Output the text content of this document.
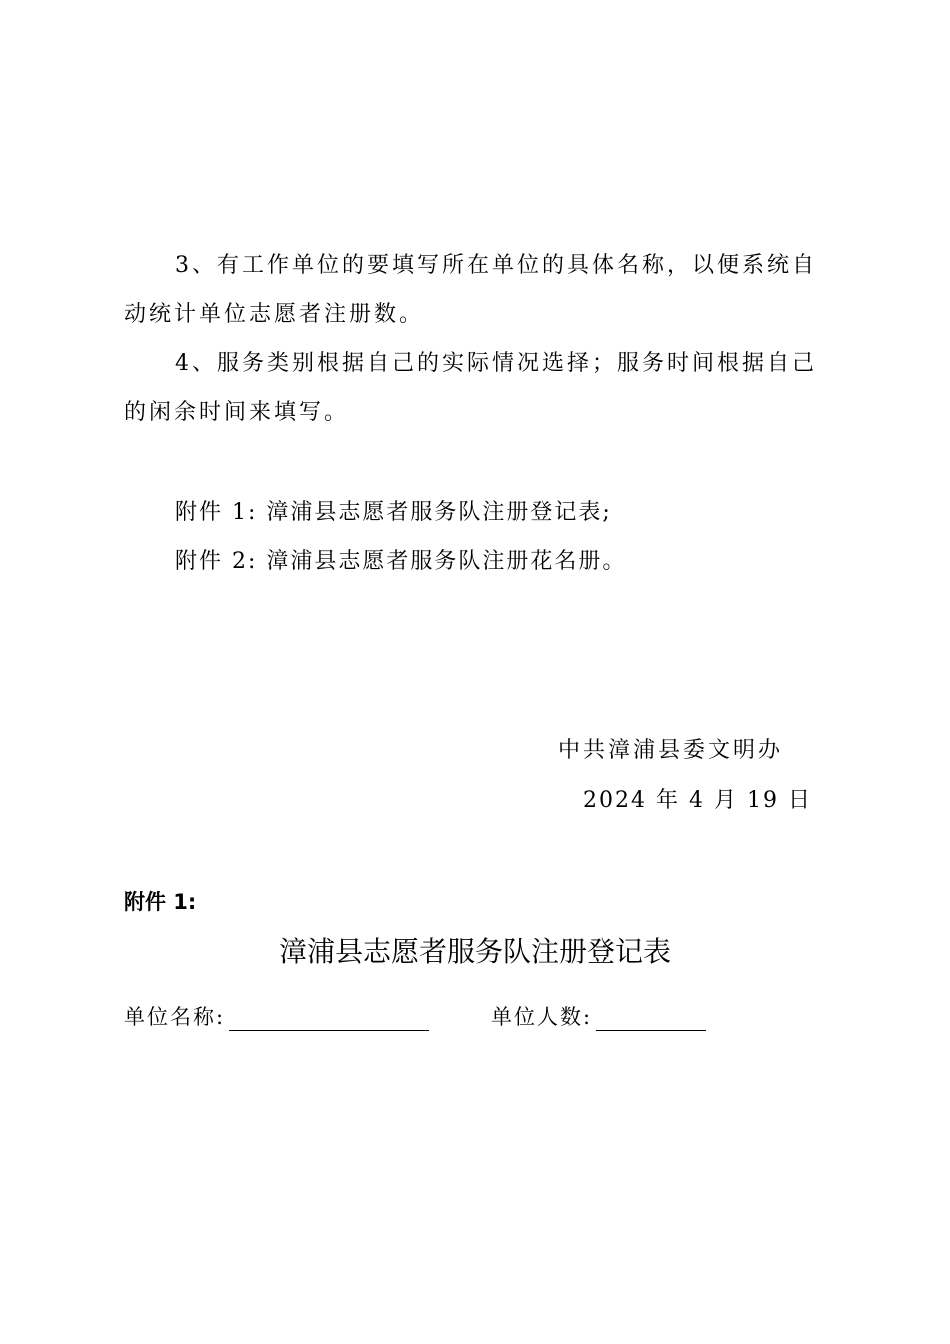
3、有工作单位的要填写所在单位的具体名称，以便系统自
动统计单位志愿者注册数。
4、服务类别根据自己的实际情况选择；服务时间根据自己
的闲余时间来填写。
附件 1: 漳浦县志愿者服务队注册登记表;
附件 2: 漳浦县志愿者服务队注册花名册。
中共漳浦县委文明办
2024 年 4 月 19 日
附件 1:
漳浦县志愿者服务队注册登记表
单位名称:	单位人数:
